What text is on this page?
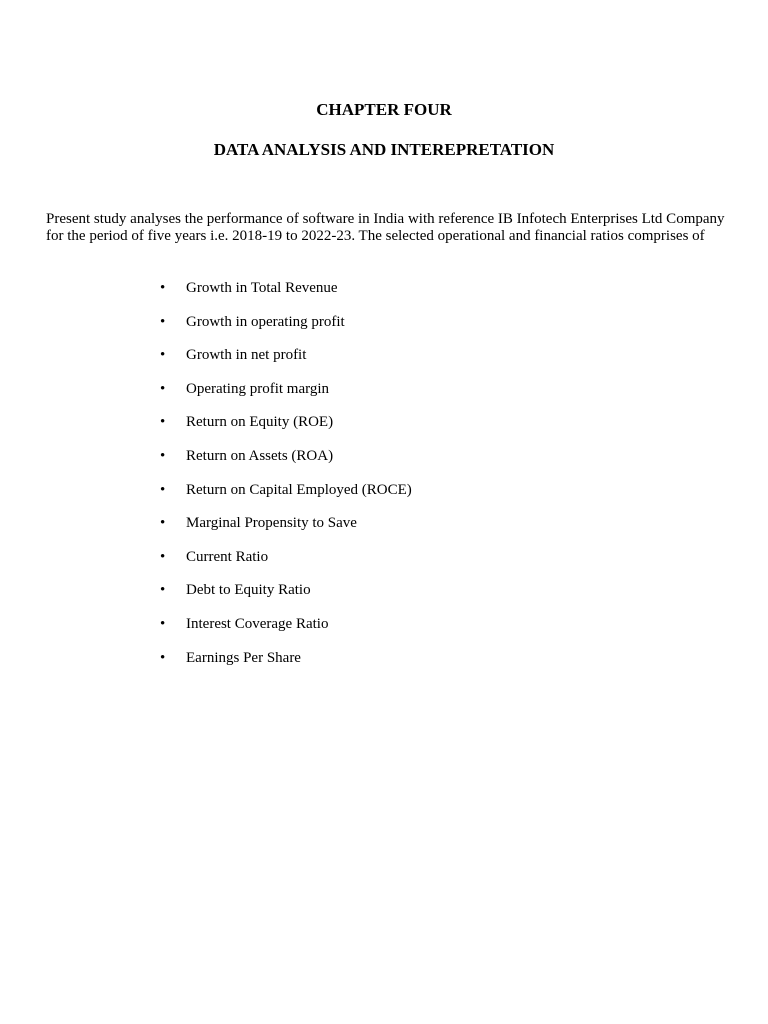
CHAPTER FOUR
DATA ANALYSIS AND INTEREPRETATION

Present study analyses the performance of software in India with reference IB Infotech Enterprises Ltd Company for the period of five years i.e. 2018-19 to 2022-23. The selected operational and financial ratios comprises of

• Growth in Total Revenue
• Growth in operating profit
• Growth in net profit
• Operating profit margin
• Return on Equity (ROE)
• Return on Assets (ROA)
• Return on Capital Employed (ROCE)
• Marginal Propensity to Save
• Current Ratio
• Debt to Equity Ratio
• Interest Coverage Ratio
• Earnings Per Share
